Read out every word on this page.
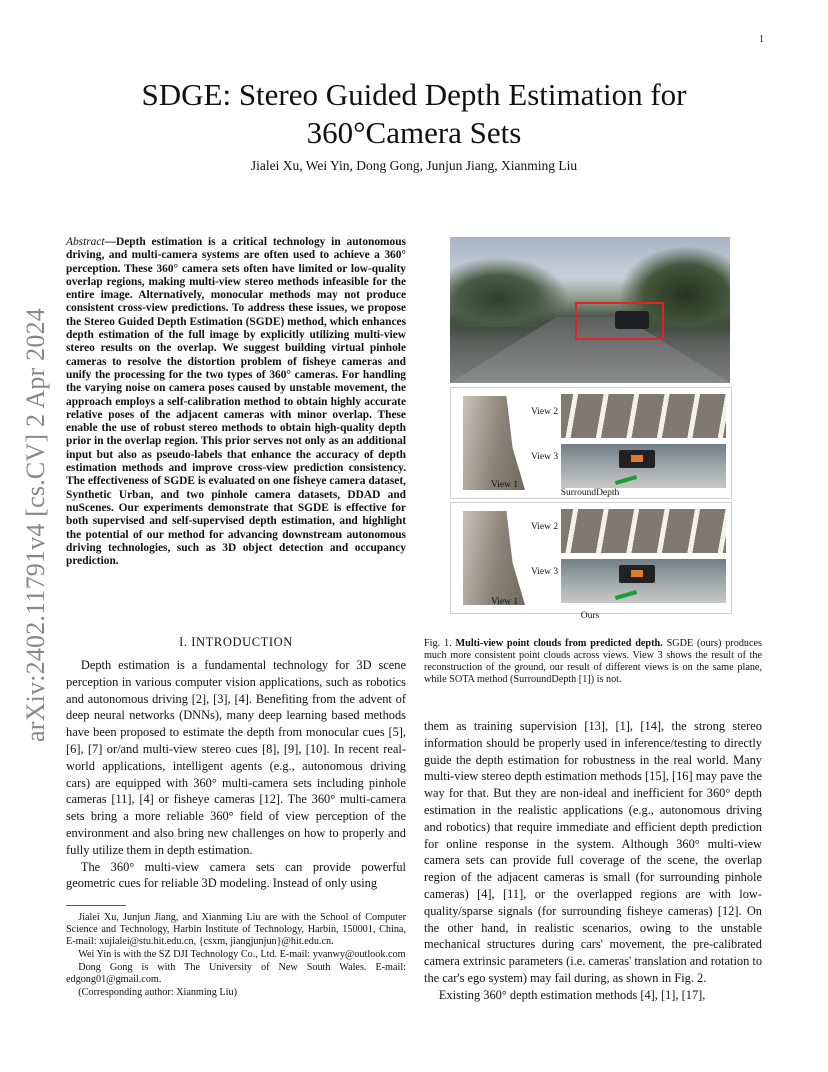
1
arXiv:2402.11791v4 [cs.CV] 2 Apr 2024
SDGE: Stereo Guided Depth Estimation for 360°Camera Sets
Jialei Xu, Wei Yin, Dong Gong, Junjun Jiang, Xianming Liu
Abstract—Depth estimation is a critical technology in autonomous driving, and multi-camera systems are often used to achieve a 360° perception. These 360° camera sets often have limited or low-quality overlap regions, making multi-view stereo methods infeasible for the entire image. Alternatively, monocular methods may not produce consistent cross-view predictions. To address these issues, we propose the Stereo Guided Depth Estimation (SGDE) method, which enhances depth estimation of the full image by explicitly utilizing multi-view stereo results on the overlap. We suggest building virtual pinhole cameras to resolve the distortion problem of fisheye cameras and unify the processing for the two types of 360° cameras. For handling the varying noise on camera poses caused by unstable movement, the approach employs a self-calibration method to obtain highly accurate relative poses of the adjacent cameras with minor overlap. These enable the use of robust stereo methods to obtain high-quality depth prior in the overlap region. This prior serves not only as an additional input but also as pseudo-labels that enhance the accuracy of depth estimation methods and improve cross-view prediction consistency. The effectiveness of SGDE is evaluated on one fisheye camera dataset, Synthetic Urban, and two pinhole camera datasets, DDAD and nuScenes. Our experiments demonstrate that SGDE is effective for both supervised and self-supervised depth estimation, and highlight the potential of our method for advancing downstream autonomous driving technologies, such as 3D object detection and occupancy prediction.
I. INTRODUCTION

Depth estimation is a fundamental technology for 3D scene perception in various computer vision applications, such as robotics and autonomous driving [2], [3], [4]. Benefiting from the advent of deep neural networks (DNNs), many deep learning based methods have been proposed to estimate the depth from monocular cues [5], [6], [7] or/and multi-view stereo cues [8], [9], [10]. In recent real-world applications, intelligent agents (e.g., autonomous driving cars) are equipped with 360° multi-camera sets including pinhole cameras [11], [4] or fisheye cameras [12]. The 360° multi-camera sets bring a more reliable 360° field of view perception of the environment and also bring new challenges on how to properly and fully utilize them in depth estimation.

The 360° multi-view camera sets can provide powerful geometric cues for reliable 3D modeling. Instead of only using

Jialei Xu, Junjun Jiang, and Xianming Liu are with the School of Computer Science and Technology, Harbin Institute of Technology, Harbin, 150001, China, E-mail: xujialei@stu.hit.edu.cn, {csxm, jiangjunjun}@hit.edu.cn.

Wei Yin is with the SZ DJI Technology Co., Ltd. E-mail: yvanwy@outlook.com

Dong Gong is with The University of New South Wales. E-mail: edgong01@gmail.com.

(Corresponding author: Xianming Liu)

View 2
View 3
View 1
SurroundDepth
View 2
View 3
View 1
Ours
Fig. 1. Multi-view point clouds from predicted depth. SGDE (ours) produces much more consistent point clouds across views. View 3 shows the result of the reconstruction of the ground, our result of different views is on the same plane, while SOTA method (SurroundDepth [1]) is not.

them as training supervision [13], [1], [14], the strong stereo information should be properly used in inference/testing to directly guide the depth estimation for robustness in the real world. Many multi-view stereo depth estimation methods [15], [16] may pave the way for that. But they are non-ideal and inefficient for 360° depth estimation in the realistic applications (e.g., autonomous driving and robotics) that require immediate and efficient depth prediction for online response in the system. Although 360° multi-view camera sets can provide full coverage of the scene, the overlap region of the adjacent cameras is small (for surrounding pinhole cameras) [4], [11], or the overlapped regions are with low-quality/sparse signals (for surrounding fisheye cameras) [12]. On the other hand, in realistic scenarios, owing to the unstable mechanical structures during cars' movement, the pre-calibrated camera extrinsic parameters (i.e. cameras' translation and rotation to the car's ego system) may fail during, as shown in Fig. 2.

Existing 360° depth estimation methods [4], [1], [17],
